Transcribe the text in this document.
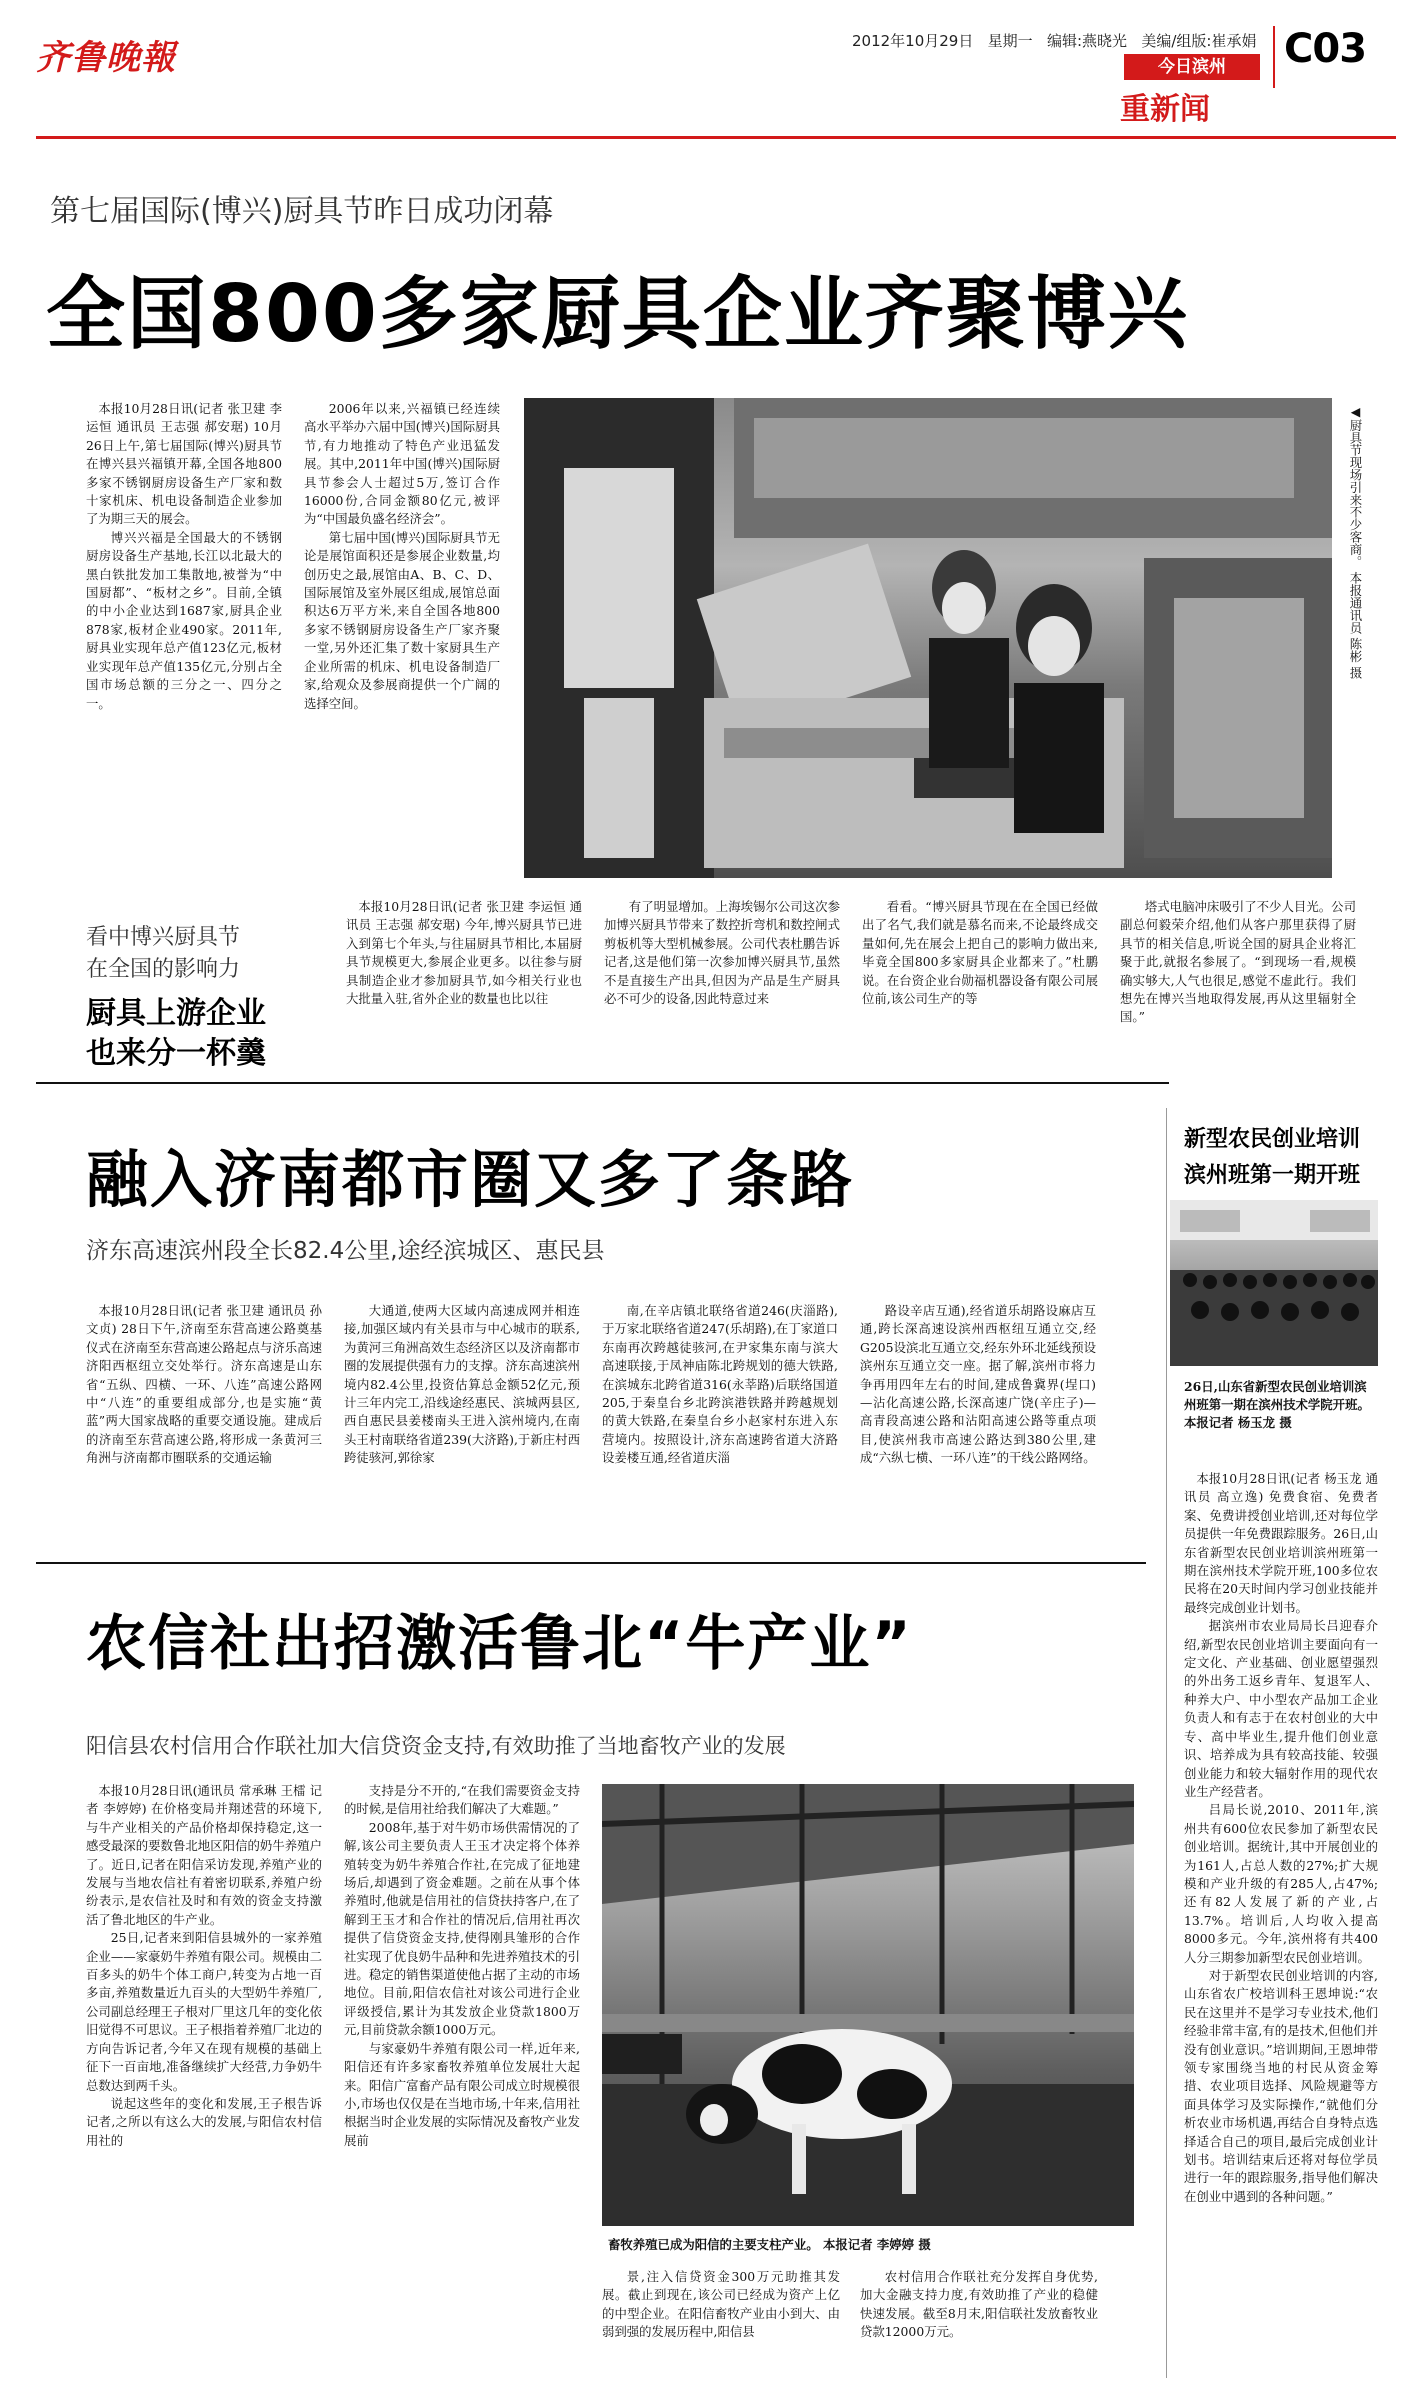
齐鲁晚報	2012年10月29日 星期一 编辑:燕晓光 美编/组版:崔承娟
今日滨州
重新闻
C03
第七届国际(博兴)厨具节昨日成功闭幕
全国800多家厨具企业齐聚博兴

本报10月28日讯(记者 张卫建 李运恒 通讯员 王志强 郝安琚) 10月26日上午,第七届国际(博兴)厨具节在博兴县兴福镇开幕,全国各地800多家不锈钢厨房设备生产厂家和数十家机床、机电设备制造企业参加了为期三天的展会。

博兴兴福是全国最大的不锈钢厨房设备生产基地,长江以北最大的黑白铁批发加工集散地,被誉为“中国厨都”、“板材之乡”。目前,全镇的中小企业达到1687家,厨具企业878家,板材企业490家。2011年,厨具业实现年总产值123亿元,板材业实现年总产值135亿元,分别占全国市场总额的三分之一、四分之一。

2006年以来,兴福镇已经连续高水平举办六届中国(博兴)国际厨具节,有力地推动了特色产业迅猛发展。其中,2011年中国(博兴)国际厨具节参会人士超过5万,签订合作16000份,合同金额80亿元,被评为“中国最负盛名经济会”。

第七届中国(博兴)国际厨具节无论是展馆面积还是参展企业数量,均创历史之最,展馆由A、B、C、D、国际展馆及室外展区组成,展馆总面积达6万平方米,来自全国各地800多家不锈钢厨房设备生产厂家齐聚一堂,另外还汇集了数十家厨具生产企业所需的机床、机电设备制造厂家,给观众及参展商提供一个广阔的选择空间。

◀厨具节现场引来不少客商。 本报通讯员 陈彬 摄
看中博兴厨具节
在全国的影响力
厨具上游企业
也来分一杯羹

本报10月28日讯(记者 张卫建 李运恒 通讯员 王志强 郝安琚) 今年,博兴厨具节已进入到第七个年头,与往届厨具节相比,本届厨具节规模更大,参展企业更多。以往参与厨具制造企业才参加厨具节,如今相关行业也大批量入驻,省外企业的数量也比以往

有了明显增加。上海埃锡尔公司这次参加博兴厨具节带来了数控折弯机和数控闸式剪板机等大型机械参展。公司代表杜鹏告诉记者,这是他们第一次参加博兴厨具节,虽然不是直接生产出具,但因为产品是生产厨具必不可少的设备,因此特意过来

看看。“博兴厨具节现在在全国已经做出了名气,我们就是慕名而来,不论最终成交量如何,先在展会上把自己的影响力做出来,毕竟全国800多家厨具企业都来了。”杜鹏说。在台资企业台勋福机器设备有限公司展位前,该公司生产的等

塔式电脑冲床吸引了不少人目光。公司副总何毅荣介绍,他们从客户那里获得了厨具节的相关信息,听说全国的厨具企业将汇聚于此,就报名参展了。“到现场一看,规模确实够大,人气也很足,感觉不虚此行。我们想先在博兴当地取得发展,再从这里辐射全国。”

融入济南都市圈又多了条路
济东高速滨州段全长82.4公里,途经滨城区、惠民县

本报10月28日讯(记者 张卫建 通讯员 孙文贞) 28日下午,济南至东营高速公路奠基仪式在济南至东营高速公路起点与济乐高速济阳西枢纽立交处举行。济东高速是山东省“五纵、四横、一环、八连”高速公路网中“八连”的重要组成部分,也是实施“黄蓝”两大国家战略的重要交通设施。建成后的济南至东营高速公路,将形成一条黄河三角洲与济南都市圈联系的交通运输

大通道,使两大区域内高速成网并相连接,加强区域内有关县市与中心城市的联系,为黄河三角洲高效生态经济区以及济南都市圈的发展提供强有力的支撑。济东高速滨州境内82.4公里,投资估算总金额52亿元,预计三年内完工,沿线途经惠民、滨城两县区,西自惠民县姜楼南头王进入滨州境内,在南头王村南联络省道239(大济路),于新庄村西跨徒骇河,郭徐家

南,在辛店镇北联络省道246(庆淄路),于万家北联络省道247(乐胡路),在丁家道口东南再次跨越徒骇河,在尹家集东南与滨大高速联接,于凤神庙陈北跨规划的德大铁路,在滨城东北跨省道316(永莘路)后联络国道205,于秦皇台乡北跨滨港铁路并跨越规划的黄大铁路,在秦皇台乡小赵家村东进入东营境内。按照设计,济东高速跨省道大济路设姜楼互通,经省道庆淄

路设辛店互通),经省道乐胡路设麻店互通,跨长深高速设滨州西枢纽互通立交,经G205设滨北互通立交,经东外环北延线预设滨州东互通立交一座。据了解,滨州市将力争再用四年左右的时间,建成鲁冀界(埕口)—沾化高速公路,长深高速广饶(辛庄子)—高青段高速公路和沾阳高速公路等重点项目,使滨州我市高速公路达到380公里,建成“六纵七横、一环八连”的干线公路网络。

农信社出招激活鲁北“牛产业”
阳信县农村信用合作联社加大信贷资金支持,有效助推了当地畜牧产业的发展

本报10月28日讯(通讯员 常承琳 王檑 记者 李婷婷) 在价格变局并翔述营的环境下,与牛产业相关的产品价格却保持稳定,这一感受最深的要数鲁北地区阳信的奶牛养殖户了。近日,记者在阳信采访发现,养殖产业的发展与当地农信社有着密切联系,养殖户纷纷表示,是农信社及时和有效的资金支持激活了鲁北地区的牛产业。

25日,记者来到阳信县城外的一家养殖企业——家豪奶牛养殖有限公司。规模由二百多头的奶牛个体工商户,转变为占地一百多亩,养殖数量近九百头的大型奶牛养殖厂,公司副总经理王子根对厂里这几年的变化依旧觉得不可思议。王子根指着养殖厂北边的方向告诉记者,今年又在现有规模的基础上征下一百亩地,准备继续扩大经营,力争奶牛总数达到两千头。

说起这些年的变化和发展,王子根告诉记者,之所以有这么大的发展,与阳信农村信用社的

支持是分不开的,“在我们需要资金支持的时候,是信用社给我们解决了大难题。”

2008年,基于对牛奶市场供需情况的了解,该公司主要负责人王玉才决定将个体养殖转变为奶牛养殖合作社,在完成了征地建场后,却遇到了资金难题。之前在从事个体养殖时,他就是信用社的信贷扶持客户,在了解到王玉才和合作社的情况后,信用社再次提供了信贷资金支持,使得刚具雏形的合作社实现了优良奶牛品种和先进养殖技术的引进。稳定的销售渠道使他占据了主动的市场地位。目前,阳信农信社对该公司进行企业评级授信,累计为其发放企业贷款1800万元,目前贷款余额1000万元。

与家豪奶牛养殖有限公司一样,近年来,阳信还有许多家畜牧养殖单位发展壮大起来。阳信广富畜产品有限公司成立时规模很小,市场也仅仅是在当地市场,十年来,信用社根据当时企业发展的实际情况及畜牧产业发展前

畜牧养殖已成为阳信的主要支柱产业。 本报记者 李婷婷 摄

景,注入信贷资金300万元助推其发展。截止到现在,该公司已经成为资产上亿的中型企业。在阳信畜牧产业由小到大、由弱到强的发展历程中,阳信县

农村信用合作联社充分发挥自身优势,加大金融支持力度,有效助推了产业的稳健快速发展。截至8月末,阳信联社发放畜牧业贷款12000万元。

新型农民创业培训
滨州班第一期开班
26日,山东省新型农民创业培训滨州班第一期在滨州技术学院开班。 本报记者 杨玉龙 摄

本报10月28日讯(记者 杨玉龙 通讯员 高立逸) 免费食宿、免费者案、免费讲授创业培训,还对每位学员提供一年免费跟踪服务。26日,山东省新型农民创业培训滨州班第一期在滨州技术学院开班,100多位农民将在20天时间内学习创业技能并最终完成创业计划书。

据滨州市农业局局长吕迎春介绍,新型农民创业培训主要面向有一定文化、产业基础、创业愿望强烈的外出务工返乡青年、复退军人、种养大户、中小型农产品加工企业负责人和有志于在农村创业的大中专、高中毕业生,提升他们创业意识、培养成为具有较高技能、较强创业能力和较大辐射作用的现代农业生产经营者。

吕局长说,2010、2011年,滨州共有600位农民参加了新型农民创业培训。据统计,其中开展创业的为161人,占总人数的27%;扩大规模和产业升级的有285人,占47%;还有82人发展了新的产业,占13.7%。培训后,人均收入提高8000多元。今年,滨州将有共400人分三期参加新型农民创业培训。

对于新型农民创业培训的内容,山东省农广校培训科王恩坤说:“农民在这里并不是学习专业技术,他们经验非常丰富,有的是技术,但他们并没有创业意识。”培训期间,王恩坤带领专家围绕当地的村民从资金筹措、农业项目选择、风险规避等方面具体学习及实际操作,“就他们分析农业市场机遇,再结合自身特点选择适合自己的项目,最后完成创业计划书。培训结束后还将对每位学员进行一年的跟踪服务,指导他们解决在创业中遇到的各种问题。”
